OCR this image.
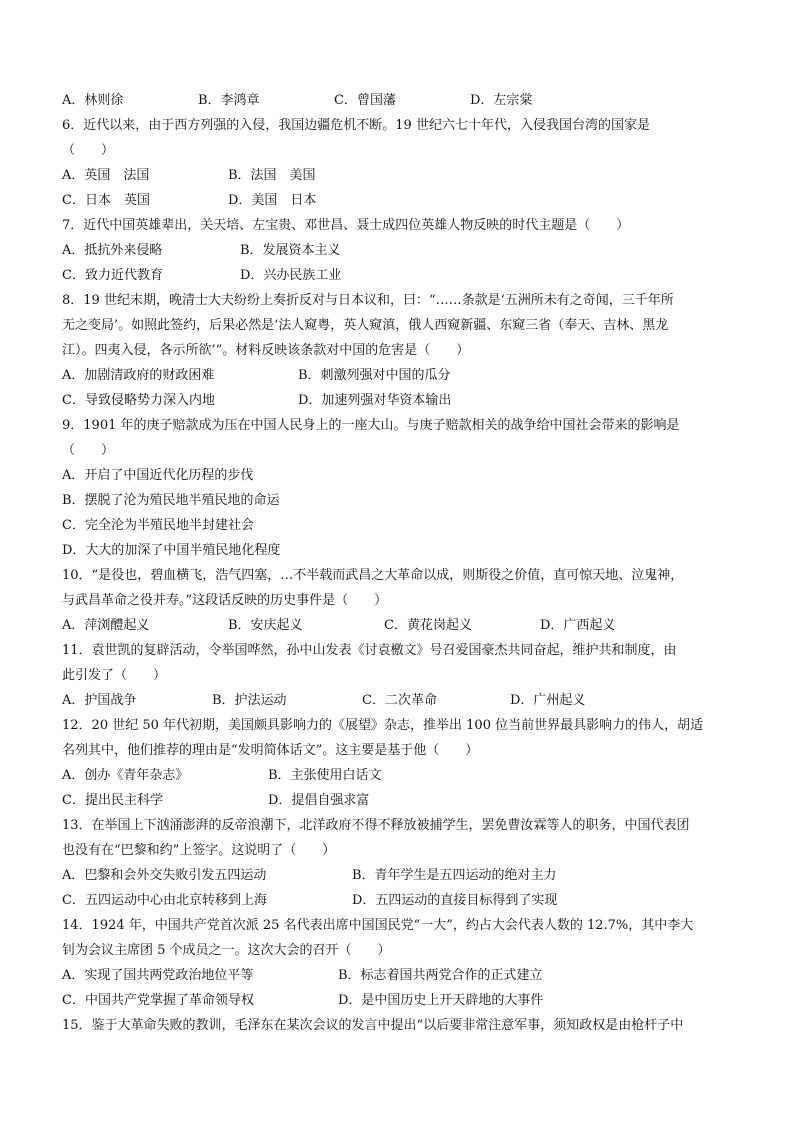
A．林则徐	B．李鸿章	C．曾国藩	D．左宗棠
6．近代以来，由于西方列强的入侵，我国边疆危机不断。19 世纪六七十年代，入侵我国台湾的国家是
（　　）
A．英国　法国	B．法国　美国
C．日本　英国	D．美国　日本
7．近代中国英雄辈出，关天培、左宝贵、邓世昌、聂士成四位英雄人物反映的时代主题是（　　）
A．抵抗外来侵略	B．发展资本主义
C．致力近代教育	D．兴办民族工业
8．19 世纪末期，晚清士大夫纷纷上奏折反对与日本议和，曰：“……条款是‘五洲所未有之奇闻，三千年所
无之变局’。如照此签约，后果必然是‘法人窥粤，英人窥滇，俄人西窥新疆、东窥三省（奉天、吉林、黑龙
江）。四夷入侵，各示所欲’”。材料反映该条款对中国的危害是（　　）
A．加剧清政府的财政困难	B．刺激列强对中国的瓜分
C．导致侵略势力深入内地	D．加速列强对华资本输出
9．1901 年的庚子赔款成为压在中国人民身上的一座大山。与庚子赔款相关的战争给中国社会带来的影响是
（　　）
A．开启了中国近代化历程的步伐
B．摆脱了沦为殖民地半殖民地的命运
C．完全沦为半殖民地半封建社会
D．大大的加深了中国半殖民地化程度
10．“是役也，碧血横飞，浩气四塞，…不半载而武昌之大革命以成，则斯役之价值，直可惊天地、泣鬼神，
与武昌革命之役并寿。”这段话反映的历史事件是（　　）
A．萍浏醴起义	B．安庆起义	C．黄花岗起义	D．广西起义
11．袁世凯的复辟活动，令举国哗然，孙中山发表《讨袁檄文》号召爱国豪杰共同奋起，维护共和制度，由
此引发了（　　）
A．护国战争	B．护法运动	C．二次革命	D．广州起义
12．20 世纪 50 年代初期，美国颇具影响力的《展望》杂志，推举出 100 位当前世界最具影响力的伟人，胡适
名列其中，他们推荐的理由是“发明简体话文”。这主要是基于他（　　）
A．创办《青年杂志》	B．主张使用白话文
C．提出民主科学	D．提倡自强求富
13．在举国上下汹涌澎湃的反帝浪潮下，北洋政府不得不释放被捕学生，罢免曹汝霖等人的职务，中国代表团
也没有在“巴黎和约”上签字。这说明了（　　）
A．巴黎和会外交失败引发五四运动	B．青年学生是五四运动的绝对主力
C．五四运动中心由北京转移到上海	D．五四运动的直接目标得到了实现
14．1924 年，中国共产党首次派 25 名代表出席中国国民党“一大”，约占大会代表人数的 12.7%，其中李大
钊为会议主席团 5 个成员之一。这次大会的召开（　　）
A．实现了国共两党政治地位平等	B．标志着国共两党合作的正式建立
C．中国共产党掌握了革命领导权	D．是中国历史上开天辟地的大事件
15．鉴于大革命失败的教训，毛泽东在某次会议的发言中提出“以后要非常注意军事，须知政权是由枪杆子中
